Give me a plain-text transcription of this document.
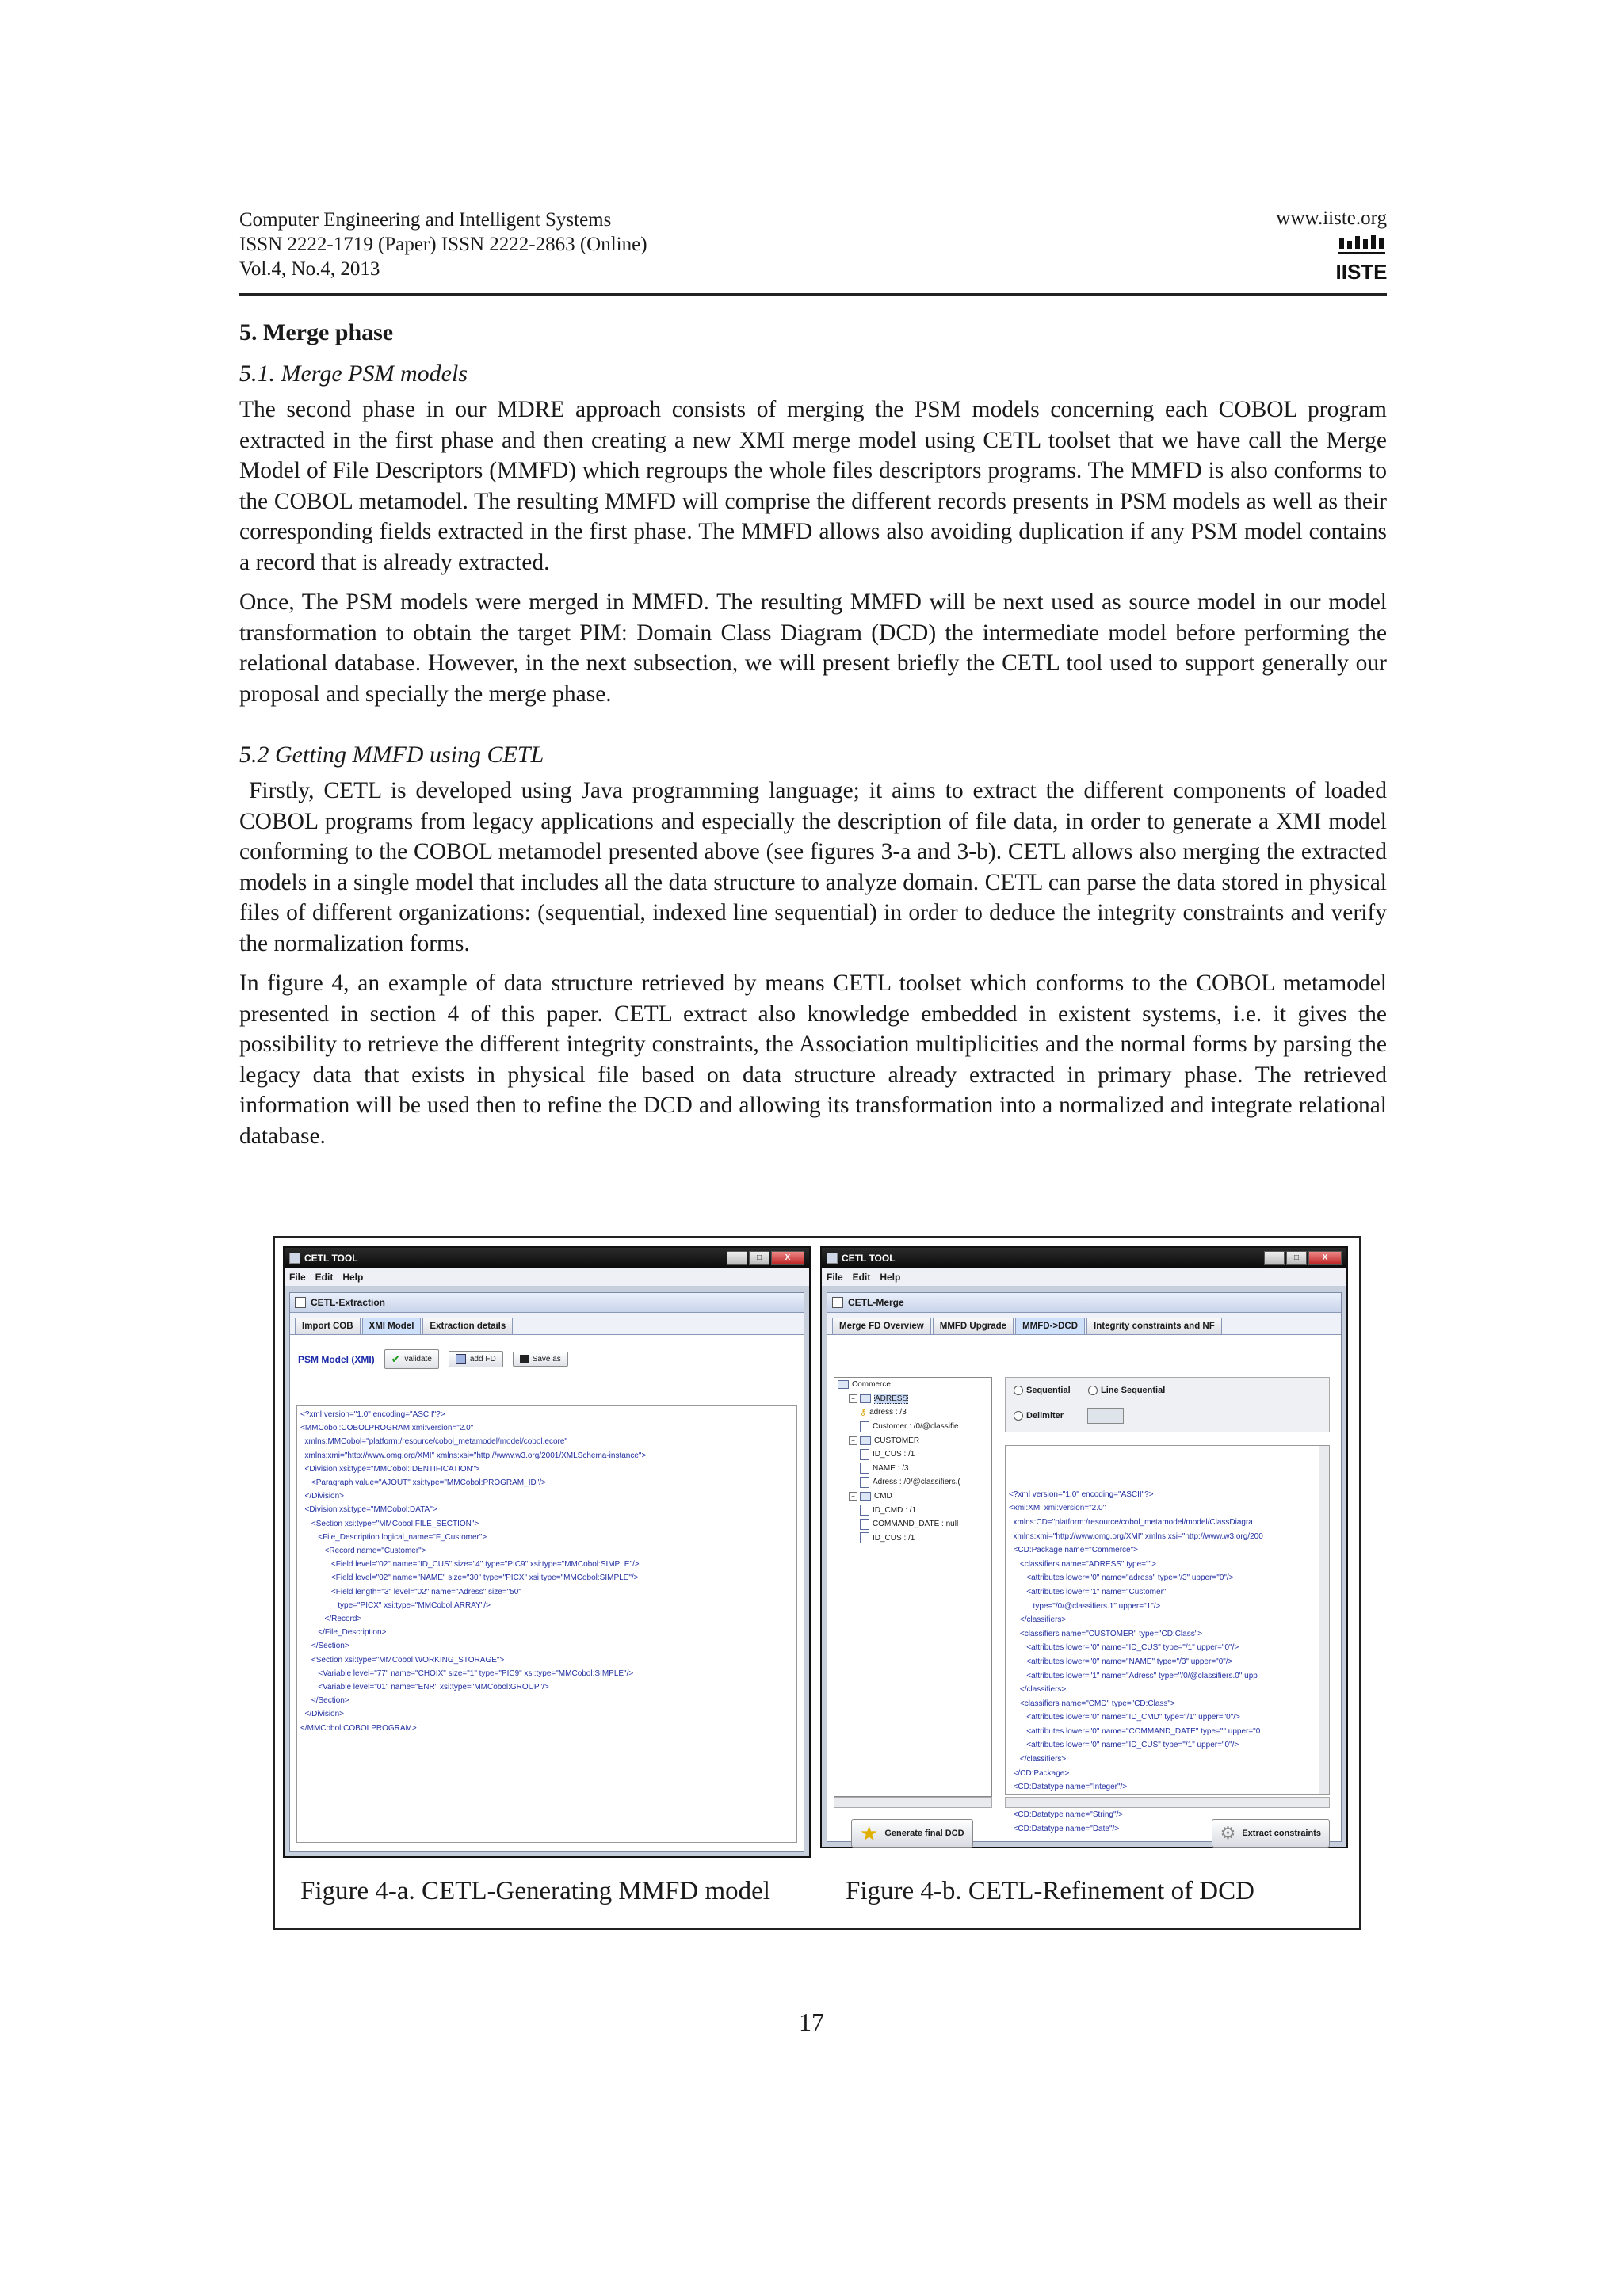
Computer Engineering and Intelligent Systems
ISSN 2222-1719 (Paper) ISSN 2222-2863 (Online)
Vol.4, No.4, 2013
www.iiste.org
IISTE
5. Merge phase
5.1. Merge PSM models

The second phase in our MDRE approach consists of merging the PSM models concerning each COBOL program extracted in the first phase and then creating a new XMI merge model using CETL toolset that we have call the Merge Model of File Descriptors (MMFD) which regroups the whole files descriptors programs. The MMFD is also conforms to the COBOL metamodel. The resulting MMFD will comprise the different records presents in PSM models as well as their corresponding fields extracted in the first phase. The MMFD allows also avoiding duplication if any PSM model contains a record that is already extracted.

Once, The PSM models were merged in MMFD. The resulting MMFD will be next used as source model in our model transformation to obtain the target PIM: Domain Class Diagram (DCD) the intermediate model before performing the relational database. However, in the next subsection, we will present briefly the CETL tool used to support generally our proposal and specially the merge phase.

5.2 Getting MMFD using CETL

Firstly, CETL is developed using Java programming language; it aims to extract the different components of loaded COBOL programs from legacy applications and especially the description of file data, in order to generate a XMI model conforming to the COBOL metamodel presented above (see figures 3-a and 3-b). CETL allows also merging the extracted models in a single model that includes all the data structure to analyze domain. CETL can parse the data stored in physical files of different organizations: (sequential, indexed line sequential) in order to deduce the integrity constraints and verify the normalization forms.

In figure 4, an example of data structure retrieved by means CETL toolset which conforms to the COBOL metamodel presented in section 4 of this paper. CETL extract also knowledge embedded in existent systems, i.e. it gives the possibility to retrieve the different integrity constraints, the Association multiplicities and the normal forms by parsing the legacy data that exists in physical file based on data structure already extracted in primary phase. The retrieved information will be used then to refine the DCD and allowing its transformation into a normalized and integrate relational database.

CETL TOOL	_	□	X
File Edit Help
CETL-Extraction
Import COB	XMI Model	Extraction details
PSM Model (XMI) ✔ validate	add FD	Save as
<?xml version="1.0" encoding="ASCII"?>
<MMCobol:COBOLPROGRAM xmi:version="2.0"
xmlns:MMCobol="platform:/resource/cobol_metamodel/model/cobol.ecore"
xmlns:xmi="http://www.omg.org/XMI" xmlns:xsi="http://www.w3.org/2001/XMLSchema-instance">
<Division xsi:type="MMCobol:IDENTIFICATION">
<Paragraph value="AJOUT" xsi:type="MMCobol:PROGRAM_ID"/>
</Division>
<Division xsi:type="MMCobol:DATA">
<Section xsi:type="MMCobol:FILE_SECTION">
<File_Description logical_name="F_Customer">
<Record name="Customer">
<Field level="02" name="ID_CUS" size="4" type="PIC9" xsi:type="MMCobol:SIMPLE"/>
<Field level="02" name="NAME" size="30" type="PICX" xsi:type="MMCobol:SIMPLE"/>
<Field length="3" level="02" name="Adress" size="50"
type="PICX" xsi:type="MMCobol:ARRAY"/>
</Record>
</File_Description>
</Section>
<Section xsi:type="MMCobol:WORKING_STORAGE">
<Variable level="77" name="CHOIX" size="1" type="PIC9" xsi:type="MMCobol:SIMPLE"/>
<Variable level="01" name="ENR" xsi:type="MMCobol:GROUP"/>
</Section>
</Division>
</MMCobol:COBOLPROGRAM>
CETL TOOL	_	□	X
File Edit Help
CETL-Merge
Merge FD Overview	MMFD Upgrade	MMFD->DCD	Integrity constraints and NF
Commerce
−	ADRESS
⚷ adress : /3
Customer : /0/@classifie
−	CUSTOMER
ID_CUS : /1
NAME : /3
Adress : /0/@classifiers.(
−	CMD
ID_CMD : /1
COMMAND_DATE : null
ID_CUS : /1
Sequential	Line Sequential
Delimiter

<?xml version="1.0" encoding="ASCII"?>
<xmi:XMI xmi:version="2.0"
xmlns:CD="platform:/resource/cobol_metamodel/model/ClassDiagra
xmlns:xmi="http://www.omg.org/XMI" xmlns:xsi="http://www.w3.org/200
<CD:Package name="Commerce">
<classifiers name="ADRESS" type="">
<attributes lower="0" name="adress" type="/3" upper="0"/>
<attributes lower="1" name="Customer"
type="/0/@classifiers.1" upper="1"/>
</classifiers>
<classifiers name="CUSTOMER" type="CD:Class">
<attributes lower="0" name="ID_CUS" type="/1" upper="0"/>
<attributes lower="0" name="NAME" type="/3" upper="0"/>
<attributes lower="1" name="Adress" type="/0/@classifiers.0" upp
</classifiers>
<classifiers name="CMD" type="CD:Class">
<attributes lower="0" name="ID_CMD" type="/1" upper="0"/>
<attributes lower="0" name="COMMAND_DATE" type="" upper="0
<attributes lower="0" name="ID_CUS" type="/1" upper="0"/>
</classifiers>
</CD:Package>
<CD:Datatype name="Integer"/>
<CD:Datatype name="String"/>
<CD:Datatype name="Date"/>
★ Generate final DCD	⚙ Extract constraints
Figure 4-a. CETL-Generating MMFD model	Figure 4-b. CETL-Refinement of DCD
17
